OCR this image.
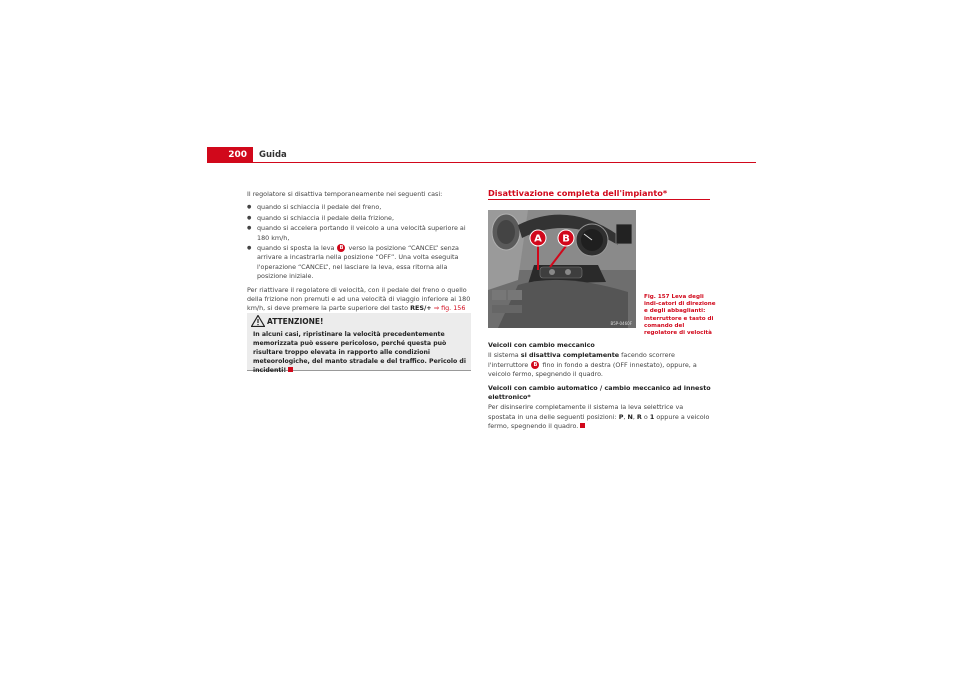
200	Guida

Il regolatore si disattiva temporaneamente nei seguenti casi:

● quando si schiaccia il pedale del freno,
● quando si schiaccia il pedale della frizione,
● quando si accelera portando il veicolo a una velocità superiore ai 180 km/h,
● quando si sposta la leva B verso la posizione “CANCEL” senza arrivare a incastrarla nella posizione “OFF”. Una volta eseguita l'operazione “CANCEL”, nel lasciare la leva, essa ritorna alla posizione iniziale.

Per riattivare il regolatore di velocità, con il pedale del freno o quello della frizione non premuti e ad una velocità di viaggio inferiore ai 180 km/h, si deve premere la parte superiore del tasto RES/+ ⇒ fig. 156

ATTENZIONE!
In alcuni casi, ripristinare la velocità precedentemente memorizzata può essere pericoloso, perché questa può risultare troppo elevata in rapporto alle condizioni meteorologiche, del manto stradale e del traffico. Pericolo di incidenti!
Disattivazione completa dell'impianto*
A B
B5P-0460F
Fig. 157 Leva degli indi-catori di direzione e degli abbaglianti: interruttore e tasto di comando del regolatore di velocità

Veicoli con cambio meccanico

Il sistema si disattiva completamente facendo scorrere l'interruttore B fino in fondo a destra (OFF innestato), oppure, a veicolo fermo, spegnendo il quadro.

Veicoli con cambio automatico / cambio meccanico ad innesto elettronico*

Per disinserire completamente il sistema la leva selettrice va spostata in una delle seguenti posizioni: P, N, R o 1 oppure a veicolo fermo, spegnendo il quadro.
